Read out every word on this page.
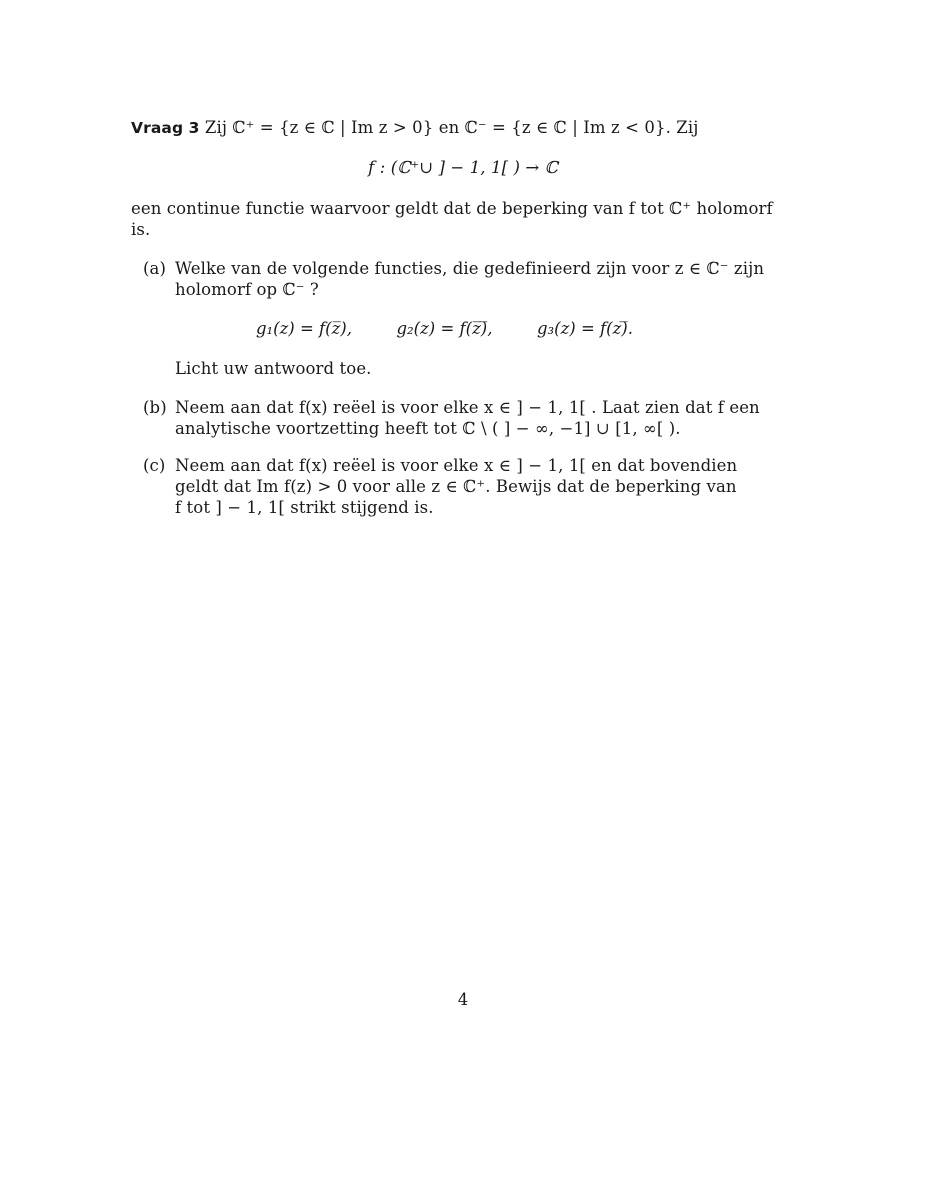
Vraag 3 Zij ℂ⁺ = {z ∈ ℂ | Im z > 0} en ℂ⁻ = {z ∈ ℂ | Im z < 0}. Zij
f : (ℂ⁺∪ ] − 1, 1[ ) → ℂ
een continue functie waarvoor geldt dat de beperking van f tot ℂ⁺ holomorf
is.
(a) Welke van de volgende functies, die gedefinieerd zijn voor z ∈ ℂ⁻ zijn
holomorf op ℂ⁻ ?
g₁(z) = f(z̅),	g₂(z) = f(z̅)̅,	g₃(z) = f(z)̅.
Licht uw antwoord toe.
(b) Neem aan dat f(x) reëel is voor elke x ∈ ] − 1, 1[ . Laat zien dat f een
analytische voortzetting heeft tot ℂ \ ( ] − ∞, −1] ∪ [1, ∞[ ).
(c) Neem aan dat f(x) reëel is voor elke x ∈ ] − 1, 1[ en dat bovendien
geldt dat Im f(z) > 0 voor alle z ∈ ℂ⁺. Bewijs dat de beperking van
f tot ] − 1, 1[ strikt stijgend is.
4
